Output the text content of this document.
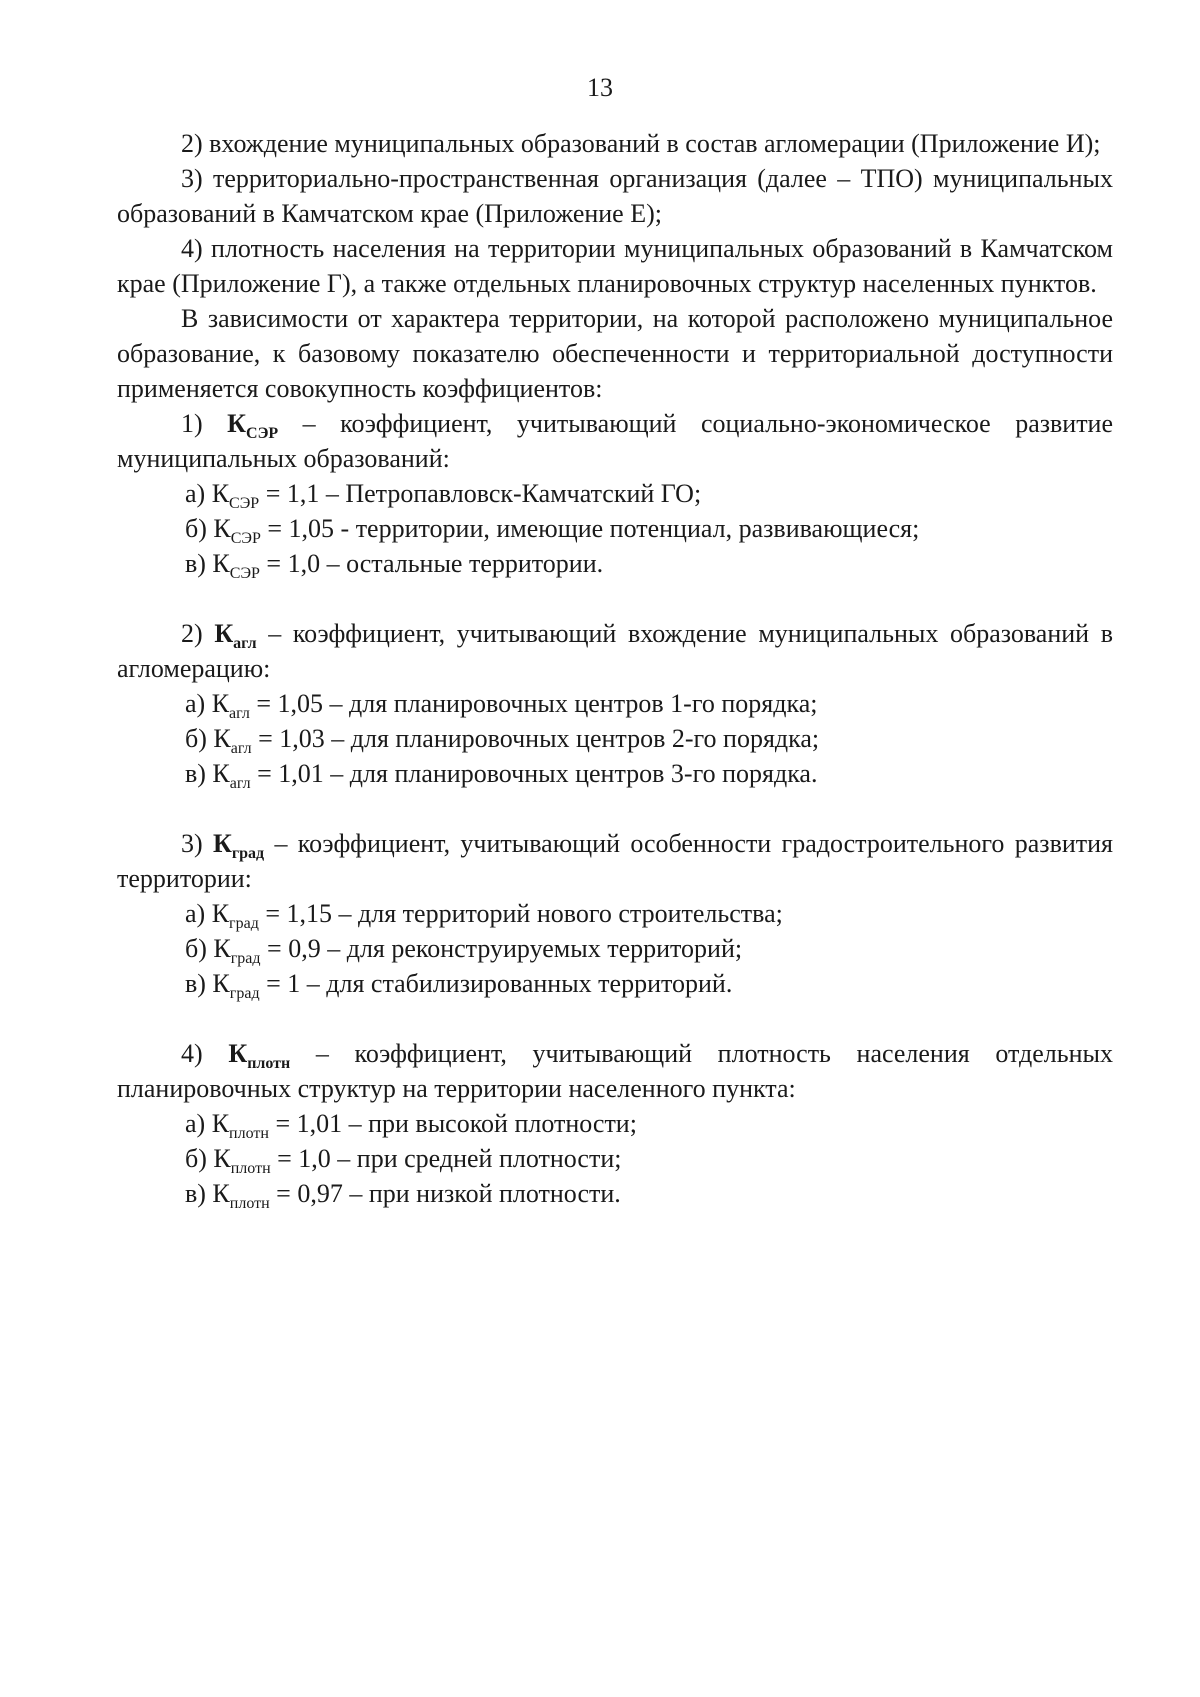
13

2) вхождение муниципальных образований в состав агломерации (Приложение И);

3) территориально-пространственная организация (далее – ТПО) муниципальных образований в Камчатском крае (Приложение Е);

4) плотность населения на территории муниципальных образований в Камчатском крае (Приложение Г), а также отдельных планировочных структур населенных пунктов.

В зависимости от характера территории, на которой расположено муниципальное образование, к базовому показателю обеспеченности и территориальной доступности применяется совокупность коэффициентов:

1) $К_{СЭР}$ – коэффициент, учитывающий социально-экономическое развитие муниципальных образований:

а) $К_{СЭР} = 1,1$ – Петропавловск-Камчатский ГО;

б) $К_{СЭР} = 1,05$ - территории, имеющие потенциал, развивающиеся;

в) $К_{СЭР} = 1,0$ – остальные территории.

2) $К_{агл}$ – коэффициент, учитывающий вхождение муниципальных образований в агломерацию:

а) $К_{агл} = 1,05$ – для планировочных центров 1-го порядка;

б) $К_{агл} = 1,03$ – для планировочных центров 2-го порядка;

в) $К_{агл} = 1,01$ – для планировочных центров 3-го порядка.

3) $К_{град}$ – коэффициент, учитывающий особенности градостроительного развития территории:

а) $К_{град} = 1,15$ – для территорий нового строительства;

б) $К_{град} = 0,9$ – для реконструируемых территорий;

в) $К_{град} = 1$ – для стабилизированных территорий.

4) $К_{плотн}$ – коэффициент, учитывающий плотность населения отдельных планировочных структур на территории населенного пункта:

а) $К_{плотн} = 1,01$ – при высокой плотности;

б) $К_{плотн} = 1,0$ – при средней плотности;

в) $К_{плотн} = 0,97$ – при низкой плотности.
